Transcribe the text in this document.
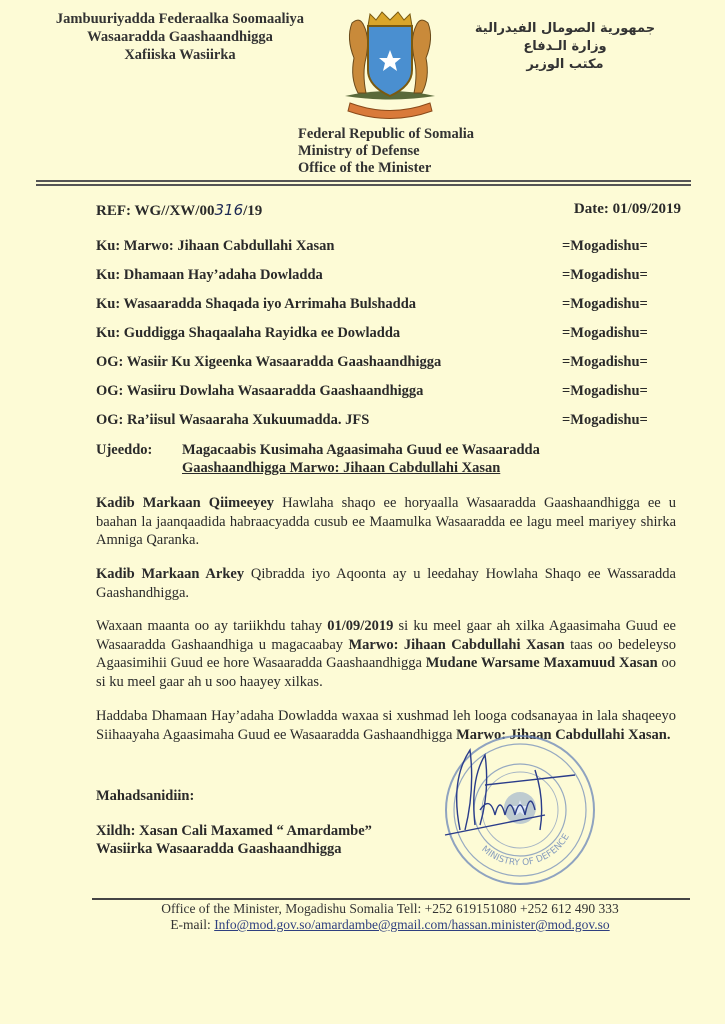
Jambuuriyadda Federaalka Soomaaliya
Wasaaradda Gaashaandhigga
Xafiiska Wasiirka
جمهورية الصومال الفيدرالية
وزارة الـدفاع
مكتب الوزير
Federal Republic of Somalia
Ministry of Defense
Office of the Minister
REF: WG//XW/00316/19	Date: 01/09/2019
Ku: Marwo: Jihaan Cabdullahi Xasan	=Mogadishu=
Ku: Dhamaan Hay’adaha Dowladda	=Mogadishu=
Ku: Wasaaradda Shaqada iyo Arrimaha Bulshadda	=Mogadishu=
Ku: Guddigga Shaqaalaha Rayidka ee Dowladda	=Mogadishu=
OG: Wasiir Ku Xigeenka Wasaaradda Gaashaandhigga	=Mogadishu=
OG: Wasiiru Dowlaha Wasaaradda Gaashaandhigga	=Mogadishu=
OG: Ra’iisul Wasaaraha Xukuumadda. JFS	=Mogadishu=
Ujeeddo:	Magacaabis Kusimaha Agaasimaha Guud ee Wasaaradda
Gaashaandhigga Marwo: Jihaan Cabdullahi Xasan
Kadib Markaan Qiimeeyey Hawlaha shaqo ee horyaalla Wasaaradda Gaashaandhigga ee u baahan la jaanqaadida habraacyadda cusub ee Maamulka Wasaaradda ee lagu meel mariyey shirka Amniga Qaranka.
Kadib Markaan Arkey Qibradda iyo Aqoonta ay u leedahay Howlaha Shaqo ee Wassaradda Gaashandhigga.
Waxaan maanta oo ay tariikhdu tahay 01/09/2019 si ku meel gaar ah xilka Agaasimaha Guud ee Wasaaradda Gashaandhiga u magacaabay Marwo: Jihaan Cabdullahi Xasan taas oo bedeleyso Agaasimihii Guud ee hore Wasaaradda Gaashaandhigga Mudane Warsame Maxamuud Xasan oo si ku meel gaar ah u soo haayey xilkas.
Haddaba Dhamaan Hay’adaha Dowladda waxaa si xushmad leh looga codsanayaa in lala shaqeeyo Siihaayaha Agaasimaha Guud ee Wasaaradda Gashaandhigga Marwo: Jihaan Cabdullahi Xasan.
MINISTRY OF DEFENCE
Mahadsanidiin:
Xildh: Xasan Cali Maxamed “ Amardambe”
Wasiirka Wasaaradda Gaashaandhigga
Office of the Minister, Mogadishu Somalia Tell: +252 619151080 +252 612 490 333
E-mail: Info@mod.gov.so/amardambe@gmail.com/hassan.minister@mod.gov.so
